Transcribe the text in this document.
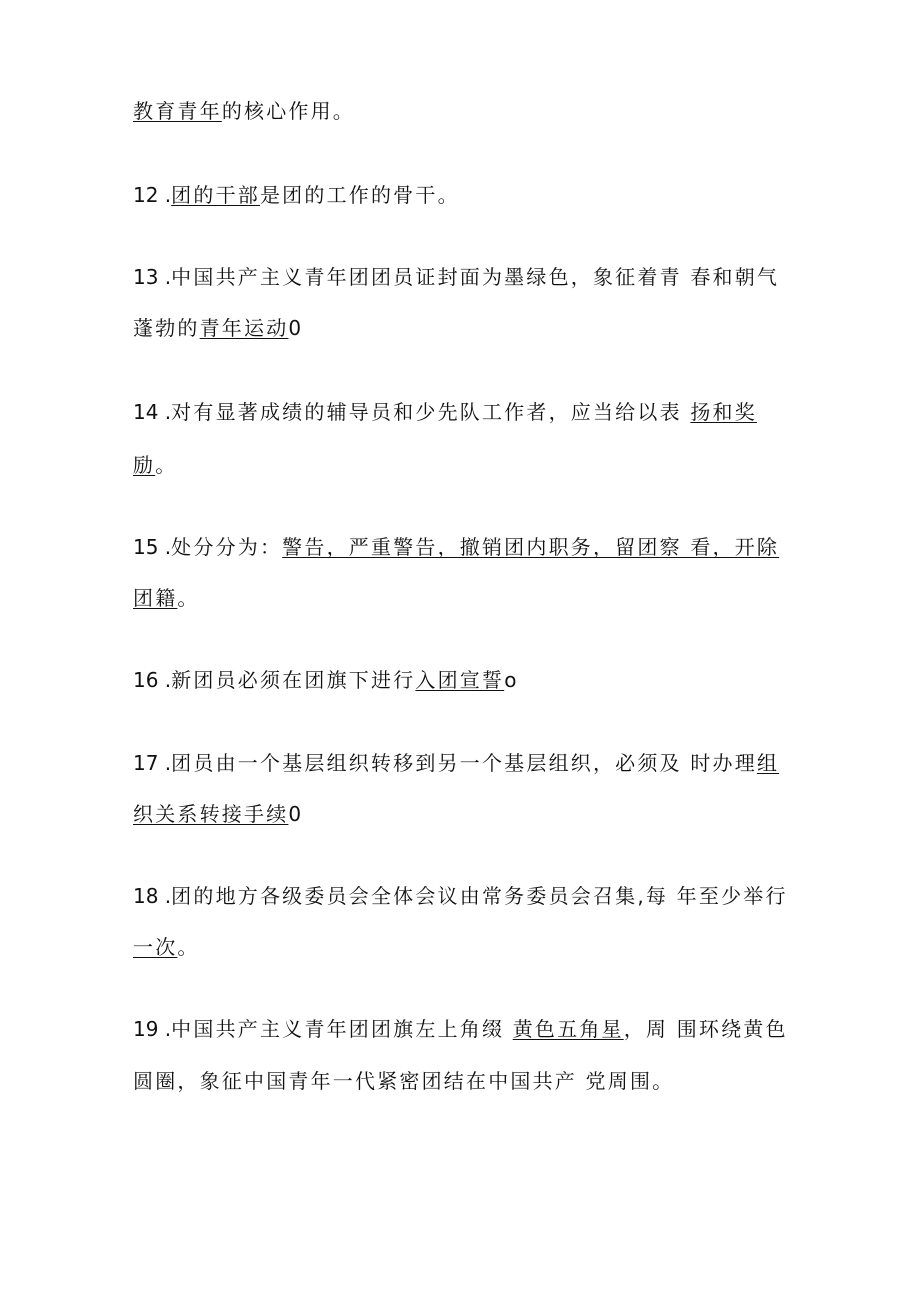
教育青年的核心作用。
12 .团的干部是团的工作的骨干。
13 .中国共产主义青年团团员证封面为墨绿色，象征着青 春和朝气
蓬勃的青年运动0
14 .对有显著成绩的辅导员和少先队工作者，应当给以表 扬和奖
励。
15 .处分分为：警告，严重警告，撤销团内职务，留团察 看，开除
团籍。
16 .新团员必须在团旗下进行入团宣誓o
17 .团员由一个基层组织转移到另一个基层组织，必须及 时办理组
织关系转接手续0
18 .团的地方各级委员会全体会议由常务委员会召集,每 年至少举行
一次。
19 .中国共产主义青年团团旗左上角缀 黄色五角星，周 围环绕黄色
圆圈，象征中国青年一代紧密团结在中国共产 党周围。
